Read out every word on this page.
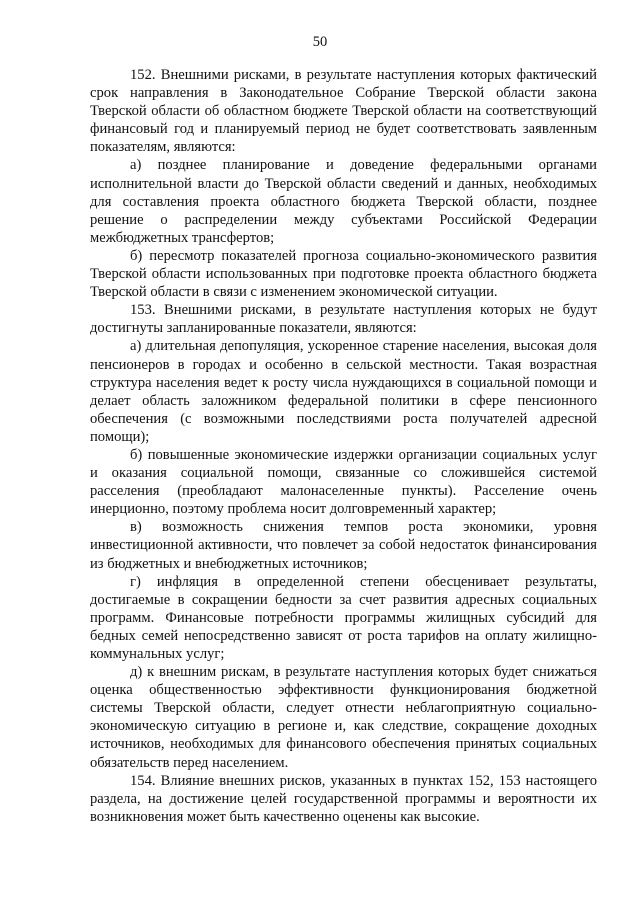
50

152. Внешними рисками, в результате наступления которых фактический срок направления в Законодательное Собрание Тверской области закона Тверской области об областном бюджете Тверской области на соответствующий финансовый год и планируемый период не будет соответствовать заявленным показателям, являются:

а) позднее планирование и доведение федеральными органами исполнительной власти до Тверской области сведений и данных, необходимых для составления проекта областного бюджета Тверской области, позднее решение о распределении между субъектами Российской Федерации межбюджетных трансфертов;

б) пересмотр показателей прогноза социально-экономического развития Тверской области использованных при подготовке проекта областного бюджета Тверской области в связи с изменением экономической ситуации.

153. Внешними рисками, в результате наступления которых не будут достигнуты запланированные показатели, являются:

а) длительная депопуляция, ускоренное старение населения, высокая доля пенсионеров в городах и особенно в сельской местности. Такая возрастная структура населения ведет к росту числа нуждающихся в социальной помощи и делает область заложником федеральной политики в сфере пенсионного обеспечения (с возможными последствиями роста получателей адресной помощи);

б) повышенные экономические издержки организации социальных услуг и оказания социальной помощи, связанные со сложившейся системой расселения (преобладают малонаселенные пункты). Расселение очень инерционно, поэтому проблема носит долговременный характер;

в) возможность снижения темпов роста экономики, уровня инвестиционной активности, что повлечет за собой недостаток финансирования из бюджетных и внебюджетных источников;

г) инфляция в определенной степени обесценивает результаты, достигаемые в сокращении бедности за счет развития адресных социальных программ. Финансовые потребности программы жилищных субсидий для бедных семей непосредственно зависят от роста тарифов на оплату жилищно-коммунальных услуг;

д) к внешним рискам, в результате наступления которых будет снижаться оценка общественностью эффективности функционирования бюджетной системы Тверской области, следует отнести неблагоприятную социально-экономическую ситуацию в регионе и, как следствие, сокращение доходных источников, необходимых для финансового обеспечения принятых социальных обязательств перед населением.

154. Влияние внешних рисков, указанных в пунктах 152, 153 настоящего раздела, на достижение целей государственной программы и вероятности их возникновения может быть качественно оценены как высокие.
